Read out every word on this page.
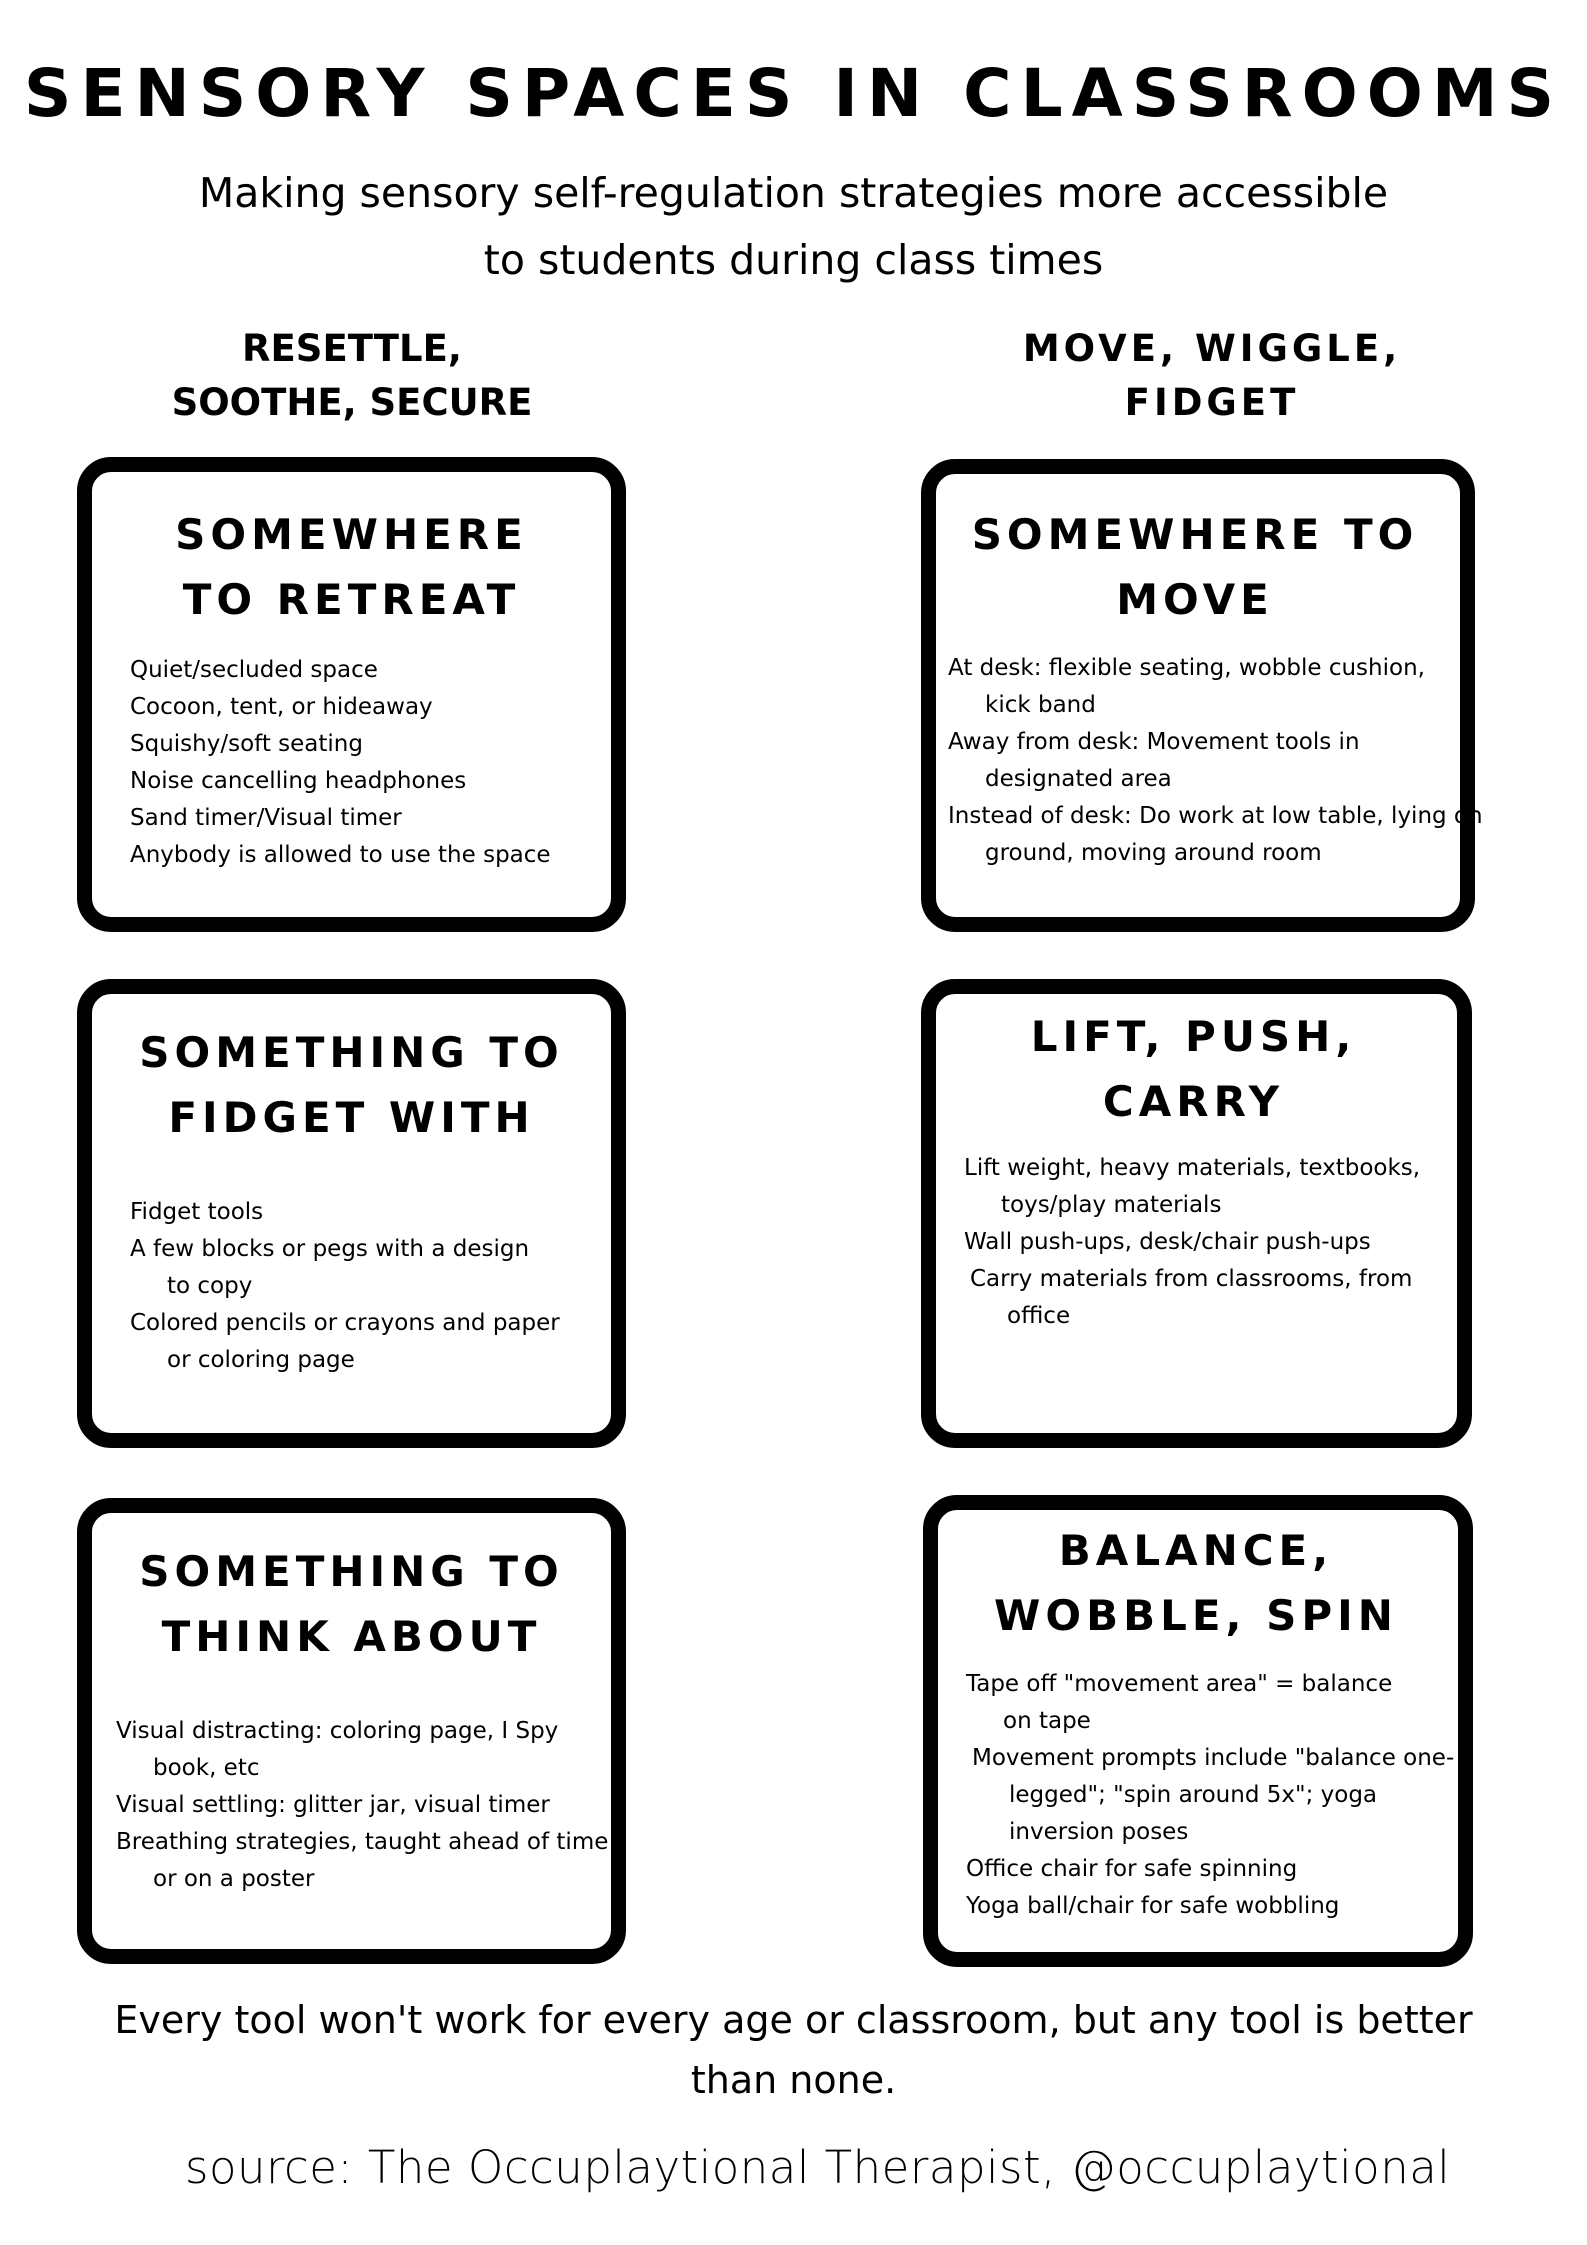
SENSORY SPACES IN CLASSROOMS
Making sensory self-regulation strategies more accessible
to students during class times
RESETTLE,
SOOTHE, SECURE
MOVE, WIGGLE,
FIDGET
SOMEWHERE
TO RETREAT
Quiet/secluded space
Cocoon, tent, or hideaway
Squishy/soft seating
Noise cancelling headphones
Sand timer/Visual timer
Anybody is allowed to use the space
SOMEWHERE TO
MOVE
At desk: flexible seating, wobble cushion, kick band
Away from desk: Movement tools in designated area
Instead of desk: Do work at low table, lying on ground, moving around room
SOMETHING TO
FIDGET WITH
Fidget tools
A few blocks or pegs with a design to copy
Colored pencils or crayons and paper or coloring page
LIFT, PUSH,
CARRY
Lift weight, heavy materials, textbooks, toys/play materials
Wall push-ups, desk/chair push-ups
Carry materials from classrooms, from office
SOMETHING TO
THINK ABOUT
Visual distracting: coloring page, I Spy book, etc
Visual settling: glitter jar, visual timer
Breathing strategies, taught ahead of time or on a poster
BALANCE,
WOBBLE, SPIN
Tape off "movement area" = balance on tape
Movement prompts include "balance one-legged"; "spin around 5x"; yoga inversion poses
Office chair for safe spinning
Yoga ball/chair for safe wobbling
Every tool won't work for every age or classroom, but any tool is better than none.
source: The Occuplaytional Therapist, @occuplaytional
